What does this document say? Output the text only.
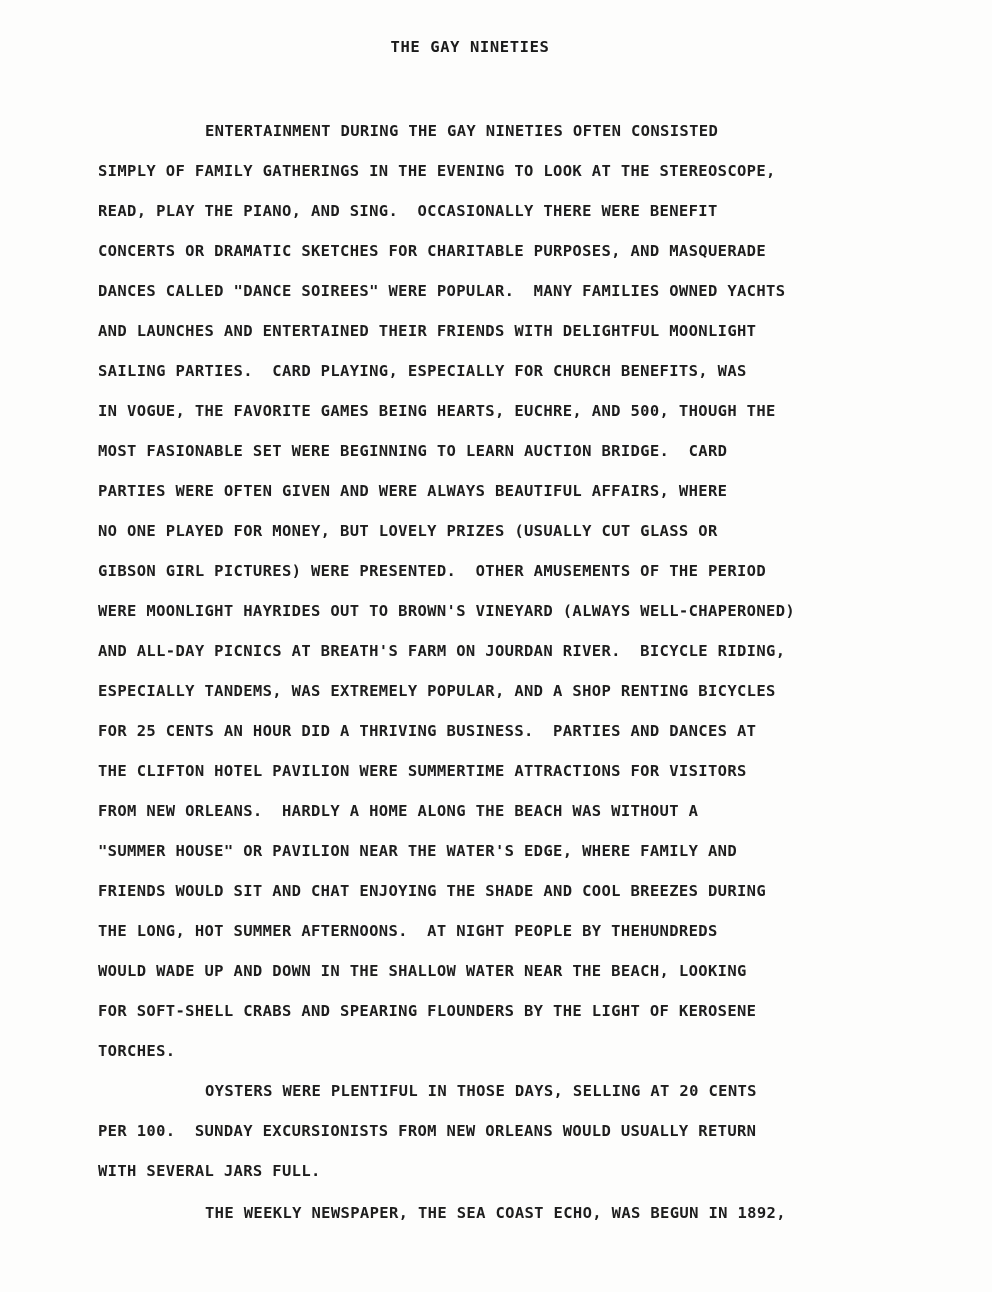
THE GAY NINETIES
ENTERTAINMENT DURING THE GAY NINETIES OFTEN CONSISTED
SIMPLY OF FAMILY GATHERINGS IN THE EVENING TO LOOK AT THE STEREOSCOPE,
READ, PLAY THE PIANO, AND SING.  OCCASIONALLY THERE WERE BENEFIT
CONCERTS OR DRAMATIC SKETCHES FOR CHARITABLE PURPOSES, AND MASQUERADE
DANCES CALLED "DANCE SOIREES" WERE POPULAR.  MANY FAMILIES OWNED YACHTS
AND LAUNCHES AND ENTERTAINED THEIR FRIENDS WITH DELIGHTFUL MOONLIGHT
SAILING PARTIES.  CARD PLAYING, ESPECIALLY FOR CHURCH BENEFITS, WAS
IN VOGUE, THE FAVORITE GAMES BEING HEARTS, EUCHRE, AND 500, THOUGH THE
MOST FASIONABLE SET WERE BEGINNING TO LEARN AUCTION BRIDGE.  CARD
PARTIES WERE OFTEN GIVEN AND WERE ALWAYS BEAUTIFUL AFFAIRS, WHERE
NO ONE PLAYED FOR MONEY, BUT LOVELY PRIZES (USUALLY CUT GLASS OR
GIBSON GIRL PICTURES) WERE PRESENTED.  OTHER AMUSEMENTS OF THE PERIOD
WERE MOONLIGHT HAYRIDES OUT TO BROWN'S VINEYARD (ALWAYS WELL-CHAPERONED)
AND ALL-DAY PICNICS AT BREATH'S FARM ON JOURDAN RIVER.  BICYCLE RIDING,
ESPECIALLY TANDEMS, WAS EXTREMELY POPULAR, AND A SHOP RENTING BICYCLES
FOR 25 CENTS AN HOUR DID A THRIVING BUSINESS.  PARTIES AND DANCES AT
THE CLIFTON HOTEL PAVILION WERE SUMMERTIME ATTRACTIONS FOR VISITORS
FROM NEW ORLEANS.  HARDLY A HOME ALONG THE BEACH WAS WITHOUT A
"SUMMER HOUSE" OR PAVILION NEAR THE WATER'S EDGE, WHERE FAMILY AND
FRIENDS WOULD SIT AND CHAT ENJOYING THE SHADE AND COOL BREEZES DURING
THE LONG, HOT SUMMER AFTERNOONS.  AT NIGHT PEOPLE BY THEHUNDREDS
WOULD WADE UP AND DOWN IN THE SHALLOW WATER NEAR THE BEACH, LOOKING
FOR SOFT-SHELL CRABS AND SPEARING FLOUNDERS BY THE LIGHT OF KEROSENE
TORCHES.
OYSTERS WERE PLENTIFUL IN THOSE DAYS, SELLING AT 20 CENTS
PER 100.  SUNDAY EXCURSIONISTS FROM NEW ORLEANS WOULD USUALLY RETURN
WITH SEVERAL JARS FULL.
THE WEEKLY NEWSPAPER, THE SEA COAST ECHO, WAS BEGUN IN 1892,
